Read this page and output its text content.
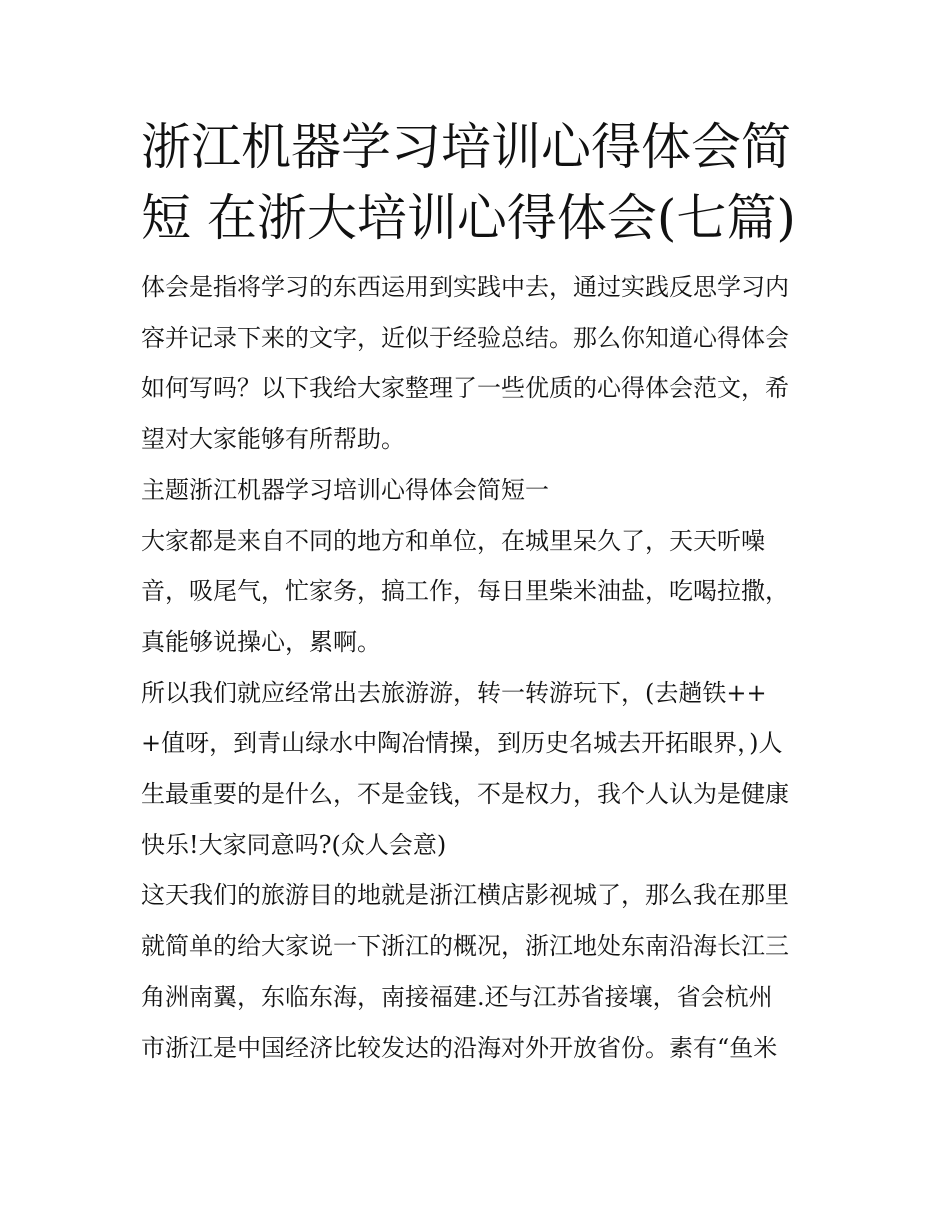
浙江机器学习培训心得体会简
短 在浙大培训心得体会(七篇)

体会是指将学习的东西运用到实践中去，通过实践反思学习内
容并记录下来的文字，近似于经验总结。那么你知道心得体会
如何写吗？以下我给大家整理了一些优质的心得体会范文，希
望对大家能够有所帮助。

主题浙江机器学习培训心得体会简短一

大家都是来自不同的地方和单位，在城里呆久了，天天听噪
音，吸尾气，忙家务，搞工作，每日里柴米油盐，吃喝拉撒，
真能够说操心，累啊。

所以我们就应经常出去旅游游，转一转游玩下，(去趟铁++
+值呀，到青山绿水中陶冶情操，到历史名城去开拓眼界，)人
生最重要的是什么，不是金钱，不是权力，我个人认为是健康
快乐!大家同意吗?(众人会意)

这天我们的旅游目的地就是浙江横店影视城了，那么我在那里
就简单的给大家说一下浙江的概况，浙江地处东南沿海长江三
角洲南翼，东临东海，南接福建.还与江苏省接壤，省会杭州
市浙江是中国经济比较发达的沿海对外开放省份。素有“鱼米
